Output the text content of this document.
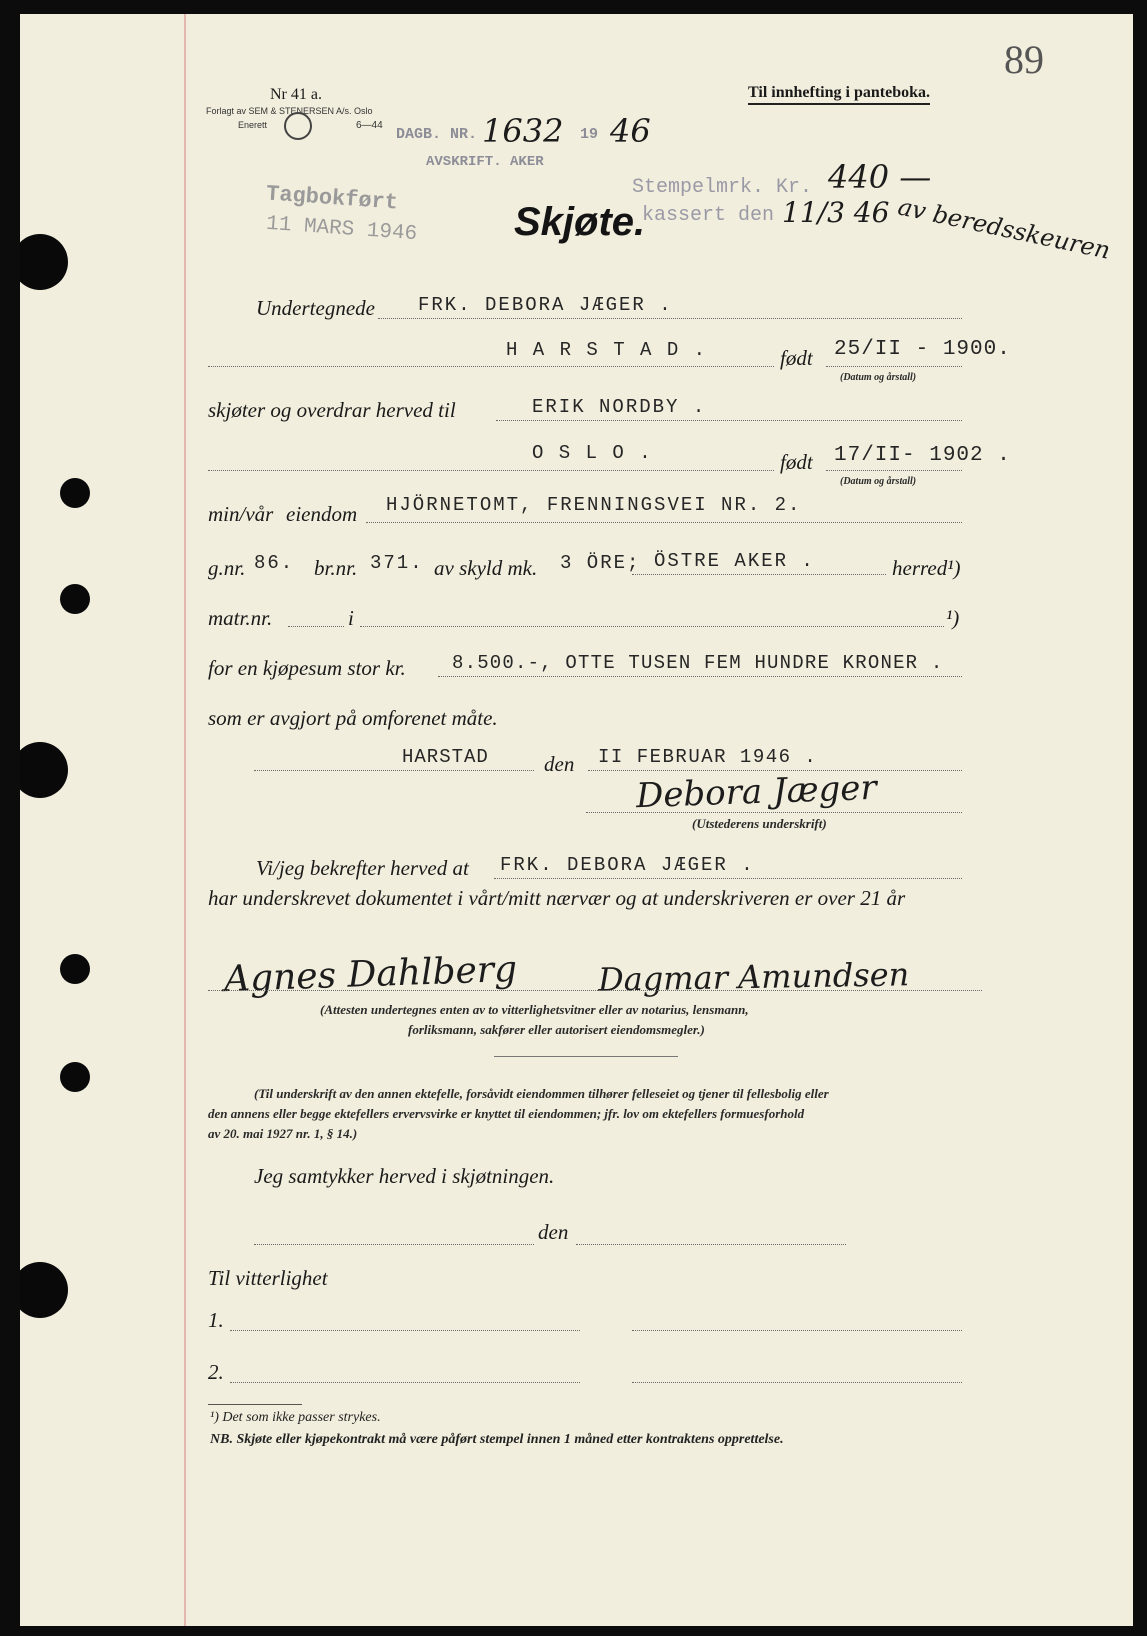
89
Nr 41 a.
Forlagt av SEM & STENERSEN A/s. Oslo
Enerett	6—44
Til innhefting i panteboka.
DAGB. NR. 1632 19 46
AVSKRIFT. AKER
Tagbokført
11 MARS 1946
Stempelmrk. Kr. 440 —
kassert den 11/3 46 av beredsskeuren
Skjøte.
Undertegnede FRK. DEBORA JÆGER .
H A R S T A D .	født 25/II - 1900.
(Datum og årstall)
skjøter og overdrar herved til	ERIK NORDBY .
O S L O .	født 17/II- 1902 .
(Datum og årstall)
min/vår eiendom HJÖRNETOMT, FRENNINGSVEI NR. 2.
g.nr. 86. br.nr. 371. av skyld mk. 3 ÖRE; ÖSTRE AKER .	herred¹)
matr.nr.	i	¹)
for en kjøpesum stor kr. 8.500.-, OTTE TUSEN FEM HUNDRE KRONER .
som er avgjort på omforenet måte.
HARSTAD	den II FEBRUAR 1946 .
Debora Jæger
(Utstederens underskrift)
Vi/jeg bekrefter herved at FRK. DEBORA JÆGER .
har underskrevet dokumentet i vårt/mitt nærvær og at underskriveren er over 21 år
Agnes Dahlberg Dagmar Amundsen
(Attesten undertegnes enten av to vitterlighetsvitner eller av notarius, lensmann,
forliksmann, sakfører eller autorisert eiendomsmegler.)
(Til underskrift av den annen ektefelle, forsåvidt eiendommen tilhører felleseiet og tjener til fellesbolig eller
den annens eller begge ektefellers ervervsvirke er knyttet til eiendommen; jfr. lov om ektefellers formuesforhold
av 20. mai 1927 nr. 1, § 14.)
Jeg samtykker herved i skjøtningen.
den
Til vitterlighet
1.
2.
¹) Det som ikke passer strykes.
NB. Skjøte eller kjøpekontrakt må være påført stempel innen 1 måned etter kontraktens opprettelse.
